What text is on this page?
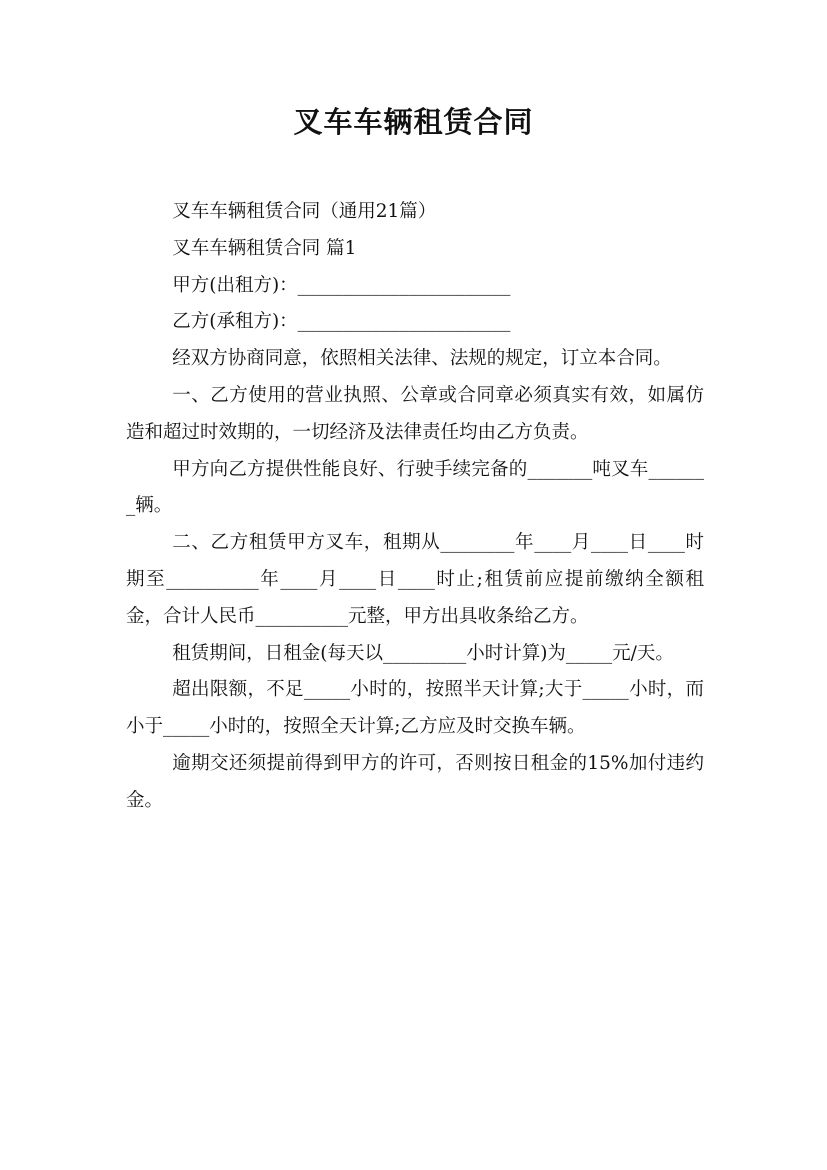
叉车车辆租赁合同

叉车车辆租赁合同（通用21篇）

叉车车辆租赁合同 篇1

甲方(出租方)：_______________________

乙方(承租方)：_______________________

经双方协商同意，依照相关法律、法规的规定，订立本合同。

一、乙方使用的营业执照、公章或合同章必须真实有效，如属仿造和超过时效期的，一切经济及法律责任均由乙方负责。

甲方向乙方提供性能良好、行驶手续完备的_______吨叉车_______辆。

二、乙方租赁甲方叉车，租期从________年____月____日____时期至__________年____月____日____时止;租赁前应提前缴纳全额租金，合计人民币__________元整，甲方出具收条给乙方。

租赁期间，日租金(每天以_________小时计算)为_____元/天。

超出限额，不足_____小时的，按照半天计算;大于_____小时，而小于_____小时的，按照全天计算;乙方应及时交换车辆。

逾期交还须提前得到甲方的许可，否则按日租金的15%加付违约金。
